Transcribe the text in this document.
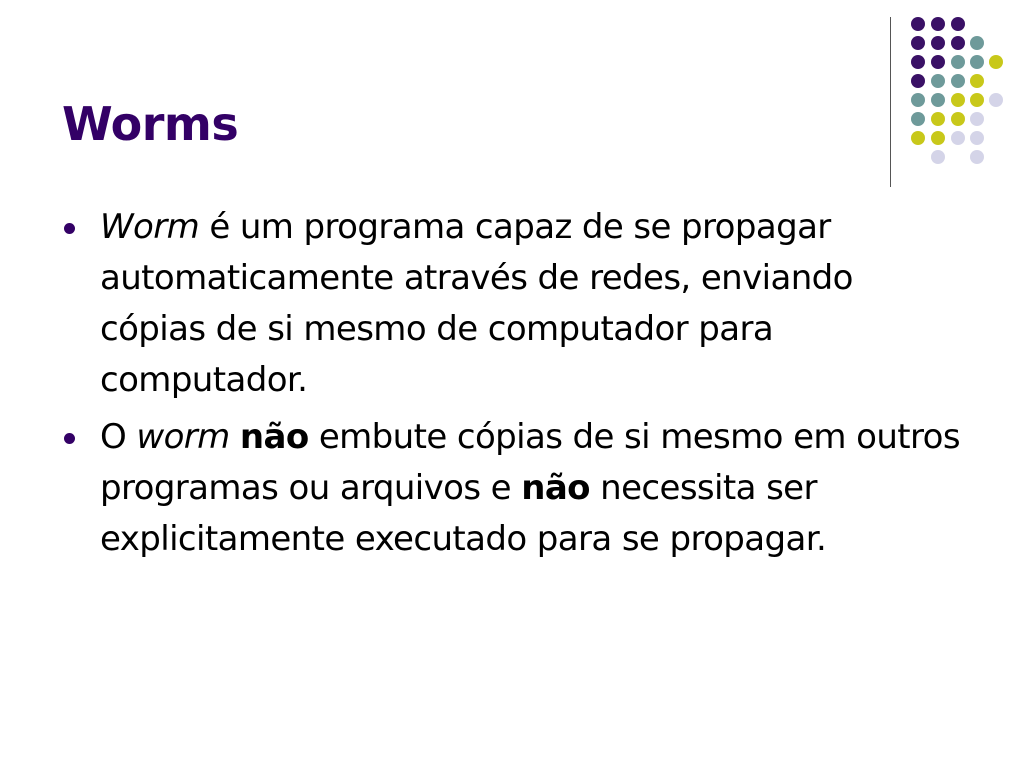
Worms
Worm é um programa capaz de se propagar automaticamente através de redes, enviando cópias de si mesmo de computador para computador.
O worm não embute cópias de si mesmo em outros programas ou arquivos e não necessita ser explicitamente executado para se propagar.
